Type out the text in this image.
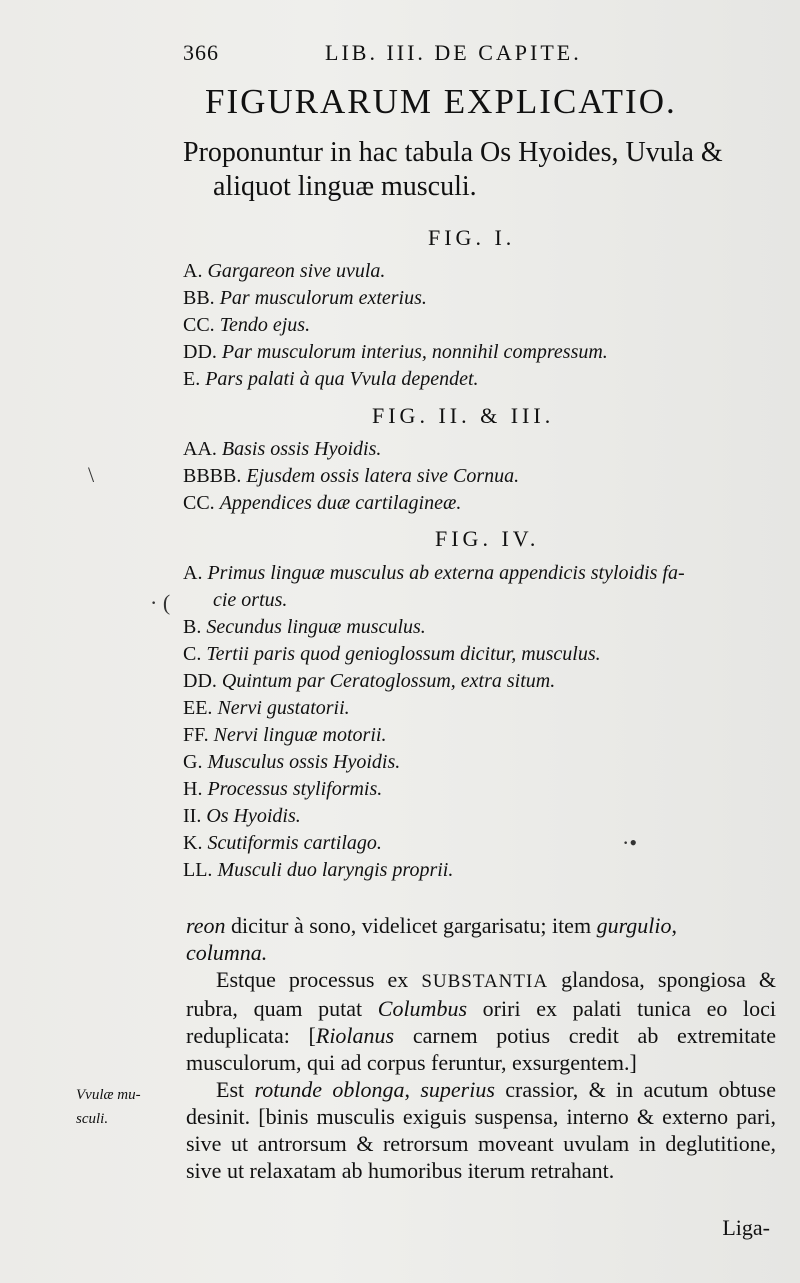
366	LIB. III. DE CAPITE.
FIGURARUM EXPLICATIO.
Proponuntur in hac tabula Os Hyoides, Uvula &
aliquot linguæ musculi.
FIG. I.
A. Gargareon sive uvula.
BB. Par musculorum exterius.
CC. Tendo ejus.
DD. Par musculorum interius, nonnihil compressum.
E. Pars palati à qua Vvula dependet.
FIG. II. & III.
AA. Basis ossis Hyoidis.
BBBB. Ejusdem ossis latera sive Cornua.
CC. Appendices duæ cartilagineæ.
FIG. IV.
A. Primus linguæ musculus ab externa appendicis styloidis fa-
cie ortus.
B. Secundus linguæ musculus.
C. Tertii paris quod genioglossum dicitur, musculus.
DD. Quintum par Ceratoglossum, extra situm.
EE. Nervi gustatorii.
FF. Nervi linguæ motorii.
G. Musculus ossis Hyoidis.
H. Processus styliformis.
II. Os Hyoidis.
K. Scutiformis cartilago.
LL. Musculi duo laryngis proprii.
\
· (
·•

reon dicitur à sono, videlicet gargarisatu; item gurgulio,
columna.

Estque processus ex SUBSTANTIA glandosa, spongiosa & rubra, quam putat Columbus oriri ex palati tunica eo loci reduplicata: [Riolanus carnem potius credit ab extremitate musculorum, qui ad corpus feruntur, exsurgentem.]

Est rotunde oblonga, superius crassior, & in acutum obtuse desinit. [binis musculis exiguis suspensa, interno & externo pari, sive ut antrorsum & retrorsum moveant uvulam in deglutitione, sive ut relaxatam ab humoribus iterum retrahant.

Vvulæ mu-
sculi.
Liga-
